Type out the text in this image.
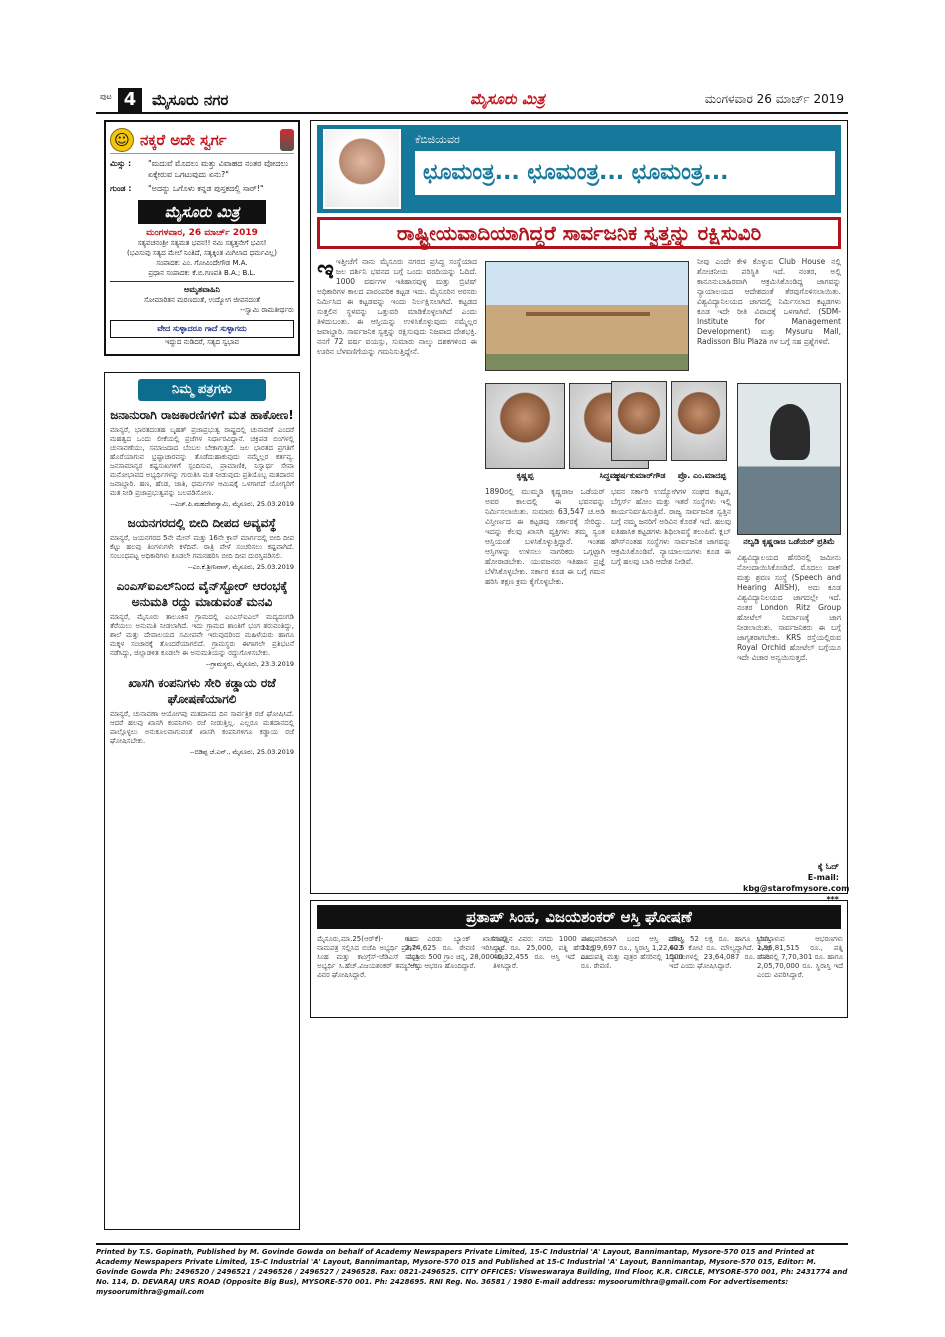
ಪುಟ 4	ಮೈಸೂರು ನಗರ	ಮೈಸೂರು ಮಿತ್ರ	ಮಂಗಳವಾರ 26 ಮಾರ್ಚ್ 2019
☺ ನಕ್ಕರೆ ಅದೇ ಸ್ವರ್ಗ
ಮಿಸ್ಸು :	"ಮದುವೆ ಮೊದಲು ಮತ್ತು ವಿವಾಹದ ನಂತರ ವೋದಲು ಏಕ್ಕೇರುವ ಒಗಟುವುದು ಏನು?"
ಗುಂಡ :	"ಅದನ್ನು ಒಗೊಳು ಕನ್ನಡ ಪುಸ್ತಕದಲ್ಲಿ ಸಾರ್!"
ಮೈಸೂರು ಮಿತ್ರ
ಮಂಗಳವಾರ, 26 ಮಾರ್ಚ್ 2019
ಸತ್ಯವಚನಂಶ್ರೀ ಸತ್ಯಮತ ಭವನ!! ನಮಿ ಸತ್ಯತ್ತನೇಗೆ ಭವಿಸ!
(ಭವಿಸುವು ಸತ್ಯದ ಮೇಲೆ ನಿಂತಿದೆ, ಸತ್ಯಕ್ಕಿಂತ ಮಿಗಿಲಾದ ಧರ್ಮವಿಲ್ಲ)
ಸಂಪಾದಕ: ಎಂ. ಗೋವಿಂದೇಗೌಡ M.A.
ಪ್ರಧಾನ ಸಂಪಾದಕ: ಕೆ.ಬಿ.ಗಣಪತಿ B.A.; B.L.
ಅಮೃತವಾಹಿನಿ
ಸೋಮಾರಿತನ ಮರಣದಂತೆ, ಉದ್ಯೋಗ ಜೀವನದಂತೆ
--ಸ್ವಾಮಿ ರಾಮತೀರ್ಥರು
ವೇದ ಸುಳ್ಳಾದರೂ ಗಾದೆ ಸುಳ್ಳಾಗದು
ಇದ್ದುದ ನುಡಿದರೆ, ಸತ್ಯದ ಸ್ವಭಾವ
ನಿಮ್ಮ ಪತ್ರಗಳು
ಜನಾನುರಾಗಿ ರಾಜಕಾರಣಿಗಳಿಗೆ ಮತ ಹಾಕೋಣ!
ಮಾನ್ಯರೆ, ಭಾರತದಂತಹ ಬೃಹತ್ ಪ್ರಜಾಪ್ರಭುತ್ವ ರಾಷ್ಟ್ರದಲ್ಲಿ ಚುನಾವಣೆ ಎಂದರೆ ಮಹತ್ವದ ಒಂದು ಲೀಕೆಯಲ್ಲಿ ಪ್ರಜೆಗಳ ನಿರ್ಧಾರವಿದ್ದಾನೆ. ಚಕ್ರಿಪಡ ಬಿಂಗಳಲ್ಲಿ ಚುನಾವಣೆಯು, ಸಮಾಜದಾದ ಬೆಂಬಲ ಬೇಕಾಗುತ್ತದೆ. ಜಲ ಭಾರತದ ಪ್ರಗತಿಗೆ ಹೊರೆಯಾಗುವ ಭ್ರಷ್ಟಾಚಾರವನ್ನು ತೊಡೆದುಹಾಕುವುದು ನಮ್ಮೆಲ್ಲರ ಕರ್ತವ್ಯ. ಜನಸಾಮಾನ್ಯರ ಕಷ್ಟಸುಖಗಳಿಗೆ ಸ್ಪಂದಿಸುವ, ಪ್ರಾಮಾಣಿಕ, ನಿಸ್ವಾರ್ಥ ಸೇವಾ ಮನೋಭಾವದ ಅಭ್ಯರ್ಥಿಗಳನ್ನು ಗುರುತಿಸಿ ಮತ ನೀಡುವುದು ಪ್ರತಿಯೊಬ್ಬ ಮತದಾರನ ಜವಾಬ್ದಾರಿ. ಹಣ, ಹೆಂಡ, ಜಾತಿ, ಧರ್ಮಗಳ ಆಮಿಷಕ್ಕೆ ಒಳಗಾಗದೆ ಯೋಗ್ಯರಿಗೆ ಮತ ನೀಡಿ ಪ್ರಜಾಪ್ರಭುತ್ವವನ್ನು ಬಲಪಡಿಸೋಣ.
--ಎಚ್.ಪಿ.ಮಹದೇವಸ್ವಾಮಿ, ಮೈಸೂರು, 25.03.2019
ಜಯನಗರದಲ್ಲಿ ಬೀದಿ ದೀಪದ ಅವ್ಯವಸ್ಥೆ
ಮಾನ್ಯರೆ, ಜಯನಗರದ 5ನೇ ಮೇನ್ ಮತ್ತು 16ನೇ ಕ್ರಾಸ್ ಮಾರ್ಗದಲ್ಲಿ ಬೀದಿ ದೀಪ ಕೆಟ್ಟು ಹಲವು ತಿಂಗಳುಗಳೇ ಕಳೆದಿವೆ. ರಾತ್ರಿ ವೇಳೆ ಸಂಚರಿಸಲು ಕಷ್ಟವಾಗಿದೆ. ಸಂಬಂಧಪಟ್ಟ ಅಧಿಕಾರಿಗಳು ಕೂಡಲೇ ಗಮನಹರಿಸಿ ಬೀದಿ ದೀಪ ದುರಸ್ತಿಪಡಿಸಲಿ.
--ಎಂ.ಕೆ.ಶ್ರೀನಿವಾಸ್, ಮೈಸೂರು, 25.03.2019
ಎಂಎಸ್‌ಐಎಲ್‌ನಿಂದ ವೈನ್‌ಸ್ಟೋರ್ ಆರಂಭಕ್ಕೆ ಅನುಮತಿ ರದ್ದು ಮಾಡುವಂತೆ ಮನವಿ
ಮಾನ್ಯರೆ, ಮೈಸೂರು ತಾಲೂಕಿನ ಗ್ರಾಮದಲ್ಲಿ ಎಂಎಸ್‌ಐಎಲ್ ಮದ್ಯದಂಗಡಿ ತೆರೆಯಲು ಅನುಮತಿ ನೀಡಲಾಗಿದೆ. ಇದು ಗ್ರಾಮದ ಶಾಂತಿಗೆ ಭಂಗ ತರುವಂತಿದ್ದು, ಶಾಲೆ ಮತ್ತು ದೇವಾಲಯದ ಸಮೀಪವೇ ಇರುವುದರಿಂದ ಮಹಿಳೆಯರು ಹಾಗೂ ಮಕ್ಕಳ ಸಂಚಾರಕ್ಕೆ ತೊಂದರೆಯಾಗಲಿದೆ. ಗ್ರಾಮಸ್ಥರು ಈಗಾಗಲೇ ಪ್ರತಿಭಟನೆ ನಡೆಸಿದ್ದು, ಜಿಲ್ಲಾಡಳಿತ ಕೂಡಲೇ ಈ ಅನುಮತಿಯನ್ನು ರದ್ದುಗೊಳಿಸಬೇಕು.
--ಗ್ರಾಮಸ್ಥರು, ಮೈಸೂರು, 23.3.2019
ಖಾಸಗಿ ಕಂಪನಿಗಳು ಸೇರಿ ಕಡ್ಡಾಯ ರಜೆ ಘೋಷಣೆಯಾಗಲಿ
ಮಾನ್ಯರೆ, ಚುನಾವಣಾ ಆಯೋಗವು ಮತದಾನದ ದಿನ ಸಾರ್ವತ್ರಿಕ ರಜೆ ಘೋಷಿಸಿದೆ. ಆದರೆ ಹಲವು ಖಾಸಗಿ ಕಂಪನಿಗಳು ರಜೆ ನೀಡುತ್ತಿಲ್ಲ. ಎಲ್ಲರೂ ಮತದಾನದಲ್ಲಿ ಪಾಲ್ಗೊಳ್ಳಲು ಅನುಕೂಲವಾಗುವಂತೆ ಖಾಸಗಿ ಕಂಪನಿಗಳಿಗೂ ಕಡ್ಡಾಯ ರಜೆ ಘೋಷಿಸಬೇಕು.
--ಬಿಡಿಪ್ಪ ಜೆ.ಎನ್., ಮೈಸೂರು, 25.03.2019
ಕೆಬಿಜಿಯವರ
ಛೂಮಂತ್ರ... ಛೂಮಂತ್ರ... ಛೂಮಂತ್ರ...
ರಾಷ್ಟ್ರೀಯವಾದಿಯಾಗಿದ್ದರೆ ಸಾರ್ವಜನಿಕ ಸ್ವತ್ತನ್ನು ರಕ್ಷಿಸುವಿರಿ
ಇಇತ್ತೀಚೆಗೆ ನಾನು ಮೈಸೂರು ನಗರದ ಪ್ರಸಿದ್ಧ ಸಂಸ್ಥೆಯಾದ ಜಲ ದರ್ಶಿನಿ ಭವನದ ಬಗ್ಗೆ ಒಂದು ವರದಿಯನ್ನು ಓದಿದೆ. 1000 ವರ್ಷಗಳ ಇತಿಹಾಸವುಳ್ಳ ಮತ್ತು ಬ್ರಿಟಿಷ್ ಅಧಿಕಾರಿಗಳ ಕಾಲದ ಪಾರಂಪರಿಕ ಕಟ್ಟಡ ಇದು. ಮೈಸೂರಿನ ಅರಸರು ನಿರ್ಮಿಸಿದ ಈ ಕಟ್ಟಡವನ್ನು ಇಂದು ನಿರ್ಲಕ್ಷಿಸಲಾಗಿದೆ. ಕಟ್ಟಡದ ಸುತ್ತಲಿನ ಸ್ಥಳವನ್ನು ಒತ್ತುವರಿ ಮಾಡಿಕೊಳ್ಳಲಾಗಿದೆ ಎಂದು ತಿಳಿದುಬಂತು. ಈ ಆಸ್ತಿಯನ್ನು ಉಳಿಸಿಕೊಳ್ಳುವುದು ನಮ್ಮೆಲ್ಲರ ಜವಾಬ್ದಾರಿ. ಸಾರ್ವಜನಿಕ ಸ್ವತ್ತನ್ನು ರಕ್ಷಿಸುವುದು ನಿಜವಾದ ದೇಶಭಕ್ತಿ. ನನಗೆ 72 ವರ್ಷ ವಯಸ್ಸು, ಸುಮಾರು ನಾಲ್ಕು ದಶಕಗಳಿಂದ ಈ ಊರಿನ ಬೆಳವಣಿಗೆಯನ್ನು ಗಮನಿಸುತ್ತಿದ್ದೇನೆ.
ಕೃಷ್ಣಪ್ಪ	ಸಿದ್ದಮ್ಮ
1890ರಲ್ಲಿ ಮುಮ್ಮಡಿ ಕೃಷ್ಣರಾಜ ಒಡೆಯರ್ ಅವರ ಕಾಲದಲ್ಲಿ ಈ ಭವನವನ್ನು ನಿರ್ಮಿಸಲಾಯಿತು. ಸುಮಾರು 63,547 ಚ.ಅಡಿ ವಿಸ್ತೀರ್ಣದ ಈ ಕಟ್ಟಡವು ಸರ್ಕಾರಕ್ಕೆ ಸೇರಿದ್ದು. ಇದನ್ನು ಕೆಲವು ಖಾಸಗಿ ವ್ಯಕ್ತಿಗಳು ತಮ್ಮ ಸ್ವಂತ ಆಸ್ತಿಯಂತೆ ಬಳಸಿಕೊಳ್ಳುತ್ತಿದ್ದಾರೆ. ಇಂತಹ ಆಸ್ತಿಗಳನ್ನು ಉಳಿಸಲು ನಾಗರಿಕರು ಒಗ್ಗಟ್ಟಾಗಿ ಹೋರಾಡಬೇಕು. ಯುವಜನರು ಇತಿಹಾಸ ಪ್ರಜ್ಞೆ ಬೆಳೆಸಿಕೊಳ್ಳಬೇಕು. ಸರ್ಕಾರ ಕೂಡ ಈ ಬಗ್ಗೆ ಗಮನ ಹರಿಸಿ ತಕ್ಷಣ ಕ್ರಮ ಕೈಗೊಳ್ಳಬೇಕು.
ಹರ್ಷಕುಮಾರ್‌ಗೌಡ	ಪ್ರೊ. ಎಂ.ಮಾದಪ್ಪ
ಭವನ ಸರ್ಕಾರಿ ಉದ್ಯೋಗಿಗಳ ಸಂಘದ ಕಟ್ಟಡ, ಬೆಗ್ಗರ್ಸ್ ಹೋಂ ಮತ್ತು ಇತರೆ ಸಂಸ್ಥೆಗಳು ಇಲ್ಲಿ ಕಾರ್ಯನಿರ್ವಹಿಸುತ್ತಿವೆ. ರಾಜ್ಯ ಸಾರ್ವಜನಿಕ ಸ್ವತ್ತಿನ ಬಗ್ಗೆ ನಮ್ಮ ಜನರಿಗೆ ಅರಿವಿನ ಕೊರತೆ ಇದೆ. ಹಲವು ಐತಿಹಾಸಿಕ ಕಟ್ಟಡಗಳು ಶಿಥಿಲಾವಸ್ಥೆ ತಲುಪಿವೆ. ಕ್ಲಬ್ ಹೌಸ್‌ನಂತಹ ಸಂಸ್ಥೆಗಳು ಸಾರ್ವಜನಿಕ ಜಾಗವನ್ನು ಆಕ್ರಮಿಸಿಕೊಂಡಿವೆ. ನ್ಯಾಯಾಲಯಗಳು ಕೂಡ ಈ ಬಗ್ಗೆ ಹಲವು ಬಾರಿ ಆದೇಶ ನೀಡಿವೆ.
ನೀವು ಎಂದೇ ಕೇಳಿ ಕೊಳ್ಳುವ Club House ನಲ್ಲಿ ಶೋಚನೀಯ ಪರಿಸ್ಥಿತಿ ಇದೆ. ನಂತರ, ಅಲ್ಲಿ ಕಾನೂನುಬಾಹಿರವಾಗಿ ಆಕ್ರಮಿಸಿಕೊಂಡಿದ್ದ ಜಾಗವನ್ನು ನ್ಯಾಯಾಲಯದ ಆದೇಶದಂತೆ ತೆರವುಗೊಳಿಸಲಾಯಿತು. ವಿಶ್ವವಿದ್ಯಾನಿಲಯದ ಜಾಗದಲ್ಲಿ ನಿರ್ಮಿಸಲಾದ ಕಟ್ಟಡಗಳು ಕೂಡ ಇದೇ ರೀತಿ ವಿವಾದಕ್ಕೆ ಒಳಗಾಗಿವೆ. (SDM-Institute for Management Development) ಮತ್ತು Mysuru Mall, Radisson Blu Plaza ಗಳ ಬಗ್ಗೆ ಸಹ ಪ್ರಶ್ನೆಗಳಿವೆ.
ನಲ್ವಡಿ ಕೃಷ್ಣರಾಜ ಒಡೆಯರ್ ಪ್ರತಿಮೆ
ವಿಶ್ವವಿದ್ಯಾಲಯದ ಹೆಸರಿನಲ್ಲಿ ಜಮೀನು ನೋಂದಾಯಿಸಿಕೊಂಡಿದೆ. ಮೊದಲು ವಾಕ್ ಮತ್ತು ಶ್ರವಣ ಸಂಸ್ಥೆ (Speech and Hearing AIISH), ಅದು ಕೂಡ ವಿಶ್ವವಿದ್ಯಾನಿಲಯದ ಜಾಗದಲ್ಲೇ ಇದೆ. ನಂತರ London Ritz Group ಹೋಟೆಲ್ ನಿರ್ಮಾಣಕ್ಕೆ ಜಾಗ ನೀಡಲಾಯಿತು. ಸಾರ್ವಜನಿಕರು ಈ ಬಗ್ಗೆ ಜಾಗೃತರಾಗಬೇಕು. KRS ರಸ್ತೆಯಲ್ಲಿರುವ Royal Orchid ಹೋಟೆಲ್ ಬಗ್ಗೆಯೂ ಇದೇ ವಿಚಾರ ಅನ್ವಯಿಸುತ್ತದೆ.
ಕೈ ಓದ್
E-mail:
kbg@starofmysore.com
***
ಪ್ರತಾಪ್ ಸಿಂಹ, ವಿಜಯಶಂಕರ್ ಆಸ್ತಿ ಘೋಷಣೆ
ಮೈಸೂರು,ಮಾ.25(ಆರ್‌ಕೆ)- ಇಂದು ನಾಮಪತ್ರ ಸಲ್ಲಿಸಿದ ಬಿಜೆಪಿ ಅಭ್ಯರ್ಥಿ ಪ್ರತಾಪ್ ಸಿಂಹ ಮತ್ತು ಕಾಂಗ್ರೆಸ್-ಜೆಡಿಎಸ್ ಮೈತ್ರಿ ಅಭ್ಯರ್ಥಿ ಸಿ.ಹೆಚ್.ವಿಜಯಶಂಕರ್ ತಮ್ಮ ಆಸ್ತಿ ವಿವರ ಘೋಷಿಸಿದ್ದಾರೆ.
ರೂ. ಎರಡು ಬ್ಯಾಂಕ್ ಖಾತೆಗಳಲ್ಲಿ 2,74,625 ರೂ. ಠೇವಣಿ ಇರಿಸಿದ್ದಾರೆ. ಸುಮಾರು 500 ಗ್ರಾಂ ಚಿನ್ನ, 28,000 ರೂ. ಬೆಲೆಯ ಆಭರಣ ಹೊಂದಿದ್ದಾರೆ.
ಸಂಪತ್ತಿನ ವಿವರ: ನಗದು 1000 ರೂ., ಒಟ್ಟು ರೂ. 25,000, ಪತ್ನಿ ಹೆಸರಿನಲ್ಲಿ 40,32,455 ರೂ. ಆಸ್ತಿ ಇದೆ ಎಂದು ತಿಳಿಸಿದ್ದಾರೆ.
ಪಾರಂಪರಿಕವಾಗಿ ಬಂದ ಆಸ್ತಿ ಮೌಲ್ಯ 11,09,697 ರೂ., ಸ್ಥಿರಾಸ್ತಿ 1,22,623 ರೂ. ಪತ್ನಿ ಮತ್ತು ಪುತ್ರರ ಹೆಸರಿನಲ್ಲಿ 1500 ರೂ. ಠೇವಣಿ.
ಚರಾಸ್ತಿ 52 ಲಕ್ಷ ರೂ. ಹಾಗೂ ಸ್ಥಿರಾಸ್ತಿ 40.5 ಕೋಟಿ ರೂ. ಮೌಲ್ಯದ್ದಾಗಿದೆ. ವಿವಿಧ ಬ್ಯಾಂಕುಗಳಲ್ಲಿ 23,64,087 ರೂ. ಸಾಲ ಇದೆ ಎಂದು ಘೋಷಿಸಿದ್ದಾರೆ.
ಬೆಲೆಬಾಳುವ ಆಭರಣಗಳು 1,96,81,515 ರೂ., ಪತ್ನಿ ಹೆಸರಿನಲ್ಲಿ 7,70,301 ರೂ. ಹಾಗೂ 2,05,70,000 ರೂ. ಸ್ಥಿರಾಸ್ತಿ ಇದೆ ಎಂದು ವಿವರಿಸಿದ್ದಾರೆ.
Printed by T.S. Gopinath, Published by M. Govinde Gowda on behalf of Academy Newspapers Private Limited, 15-C Industrial 'A' Layout, Bannimantap, Mysore-570 015 and Printed at Academy Newspapers Private Limited, 15-C Industrial 'A' Layout, Bannimantap, Mysore-570 015 and Published at 15-C Industrial 'A' Layout, Bannimantap, Mysore-570 015, Editor: M. Govinde Gowda Ph: 2496520 / 2496521 / 2496526 / 2496527 / 2496528. Fax: 0821-2496525. CITY OFFICES: Visweswaraya Building, IInd Floor, K.R. CIRCLE, MYSORE-570 001, Ph: 2431774 and No. 114, D. DEVARAJ URS ROAD (Opposite Big Bus), MYSORE-570 001. Ph: 2428695. RNI Reg. No. 36581 / 1980 E-mail address: mysoorumithra@gmail.com For advertisements: mysoorumithra@gmail.com
